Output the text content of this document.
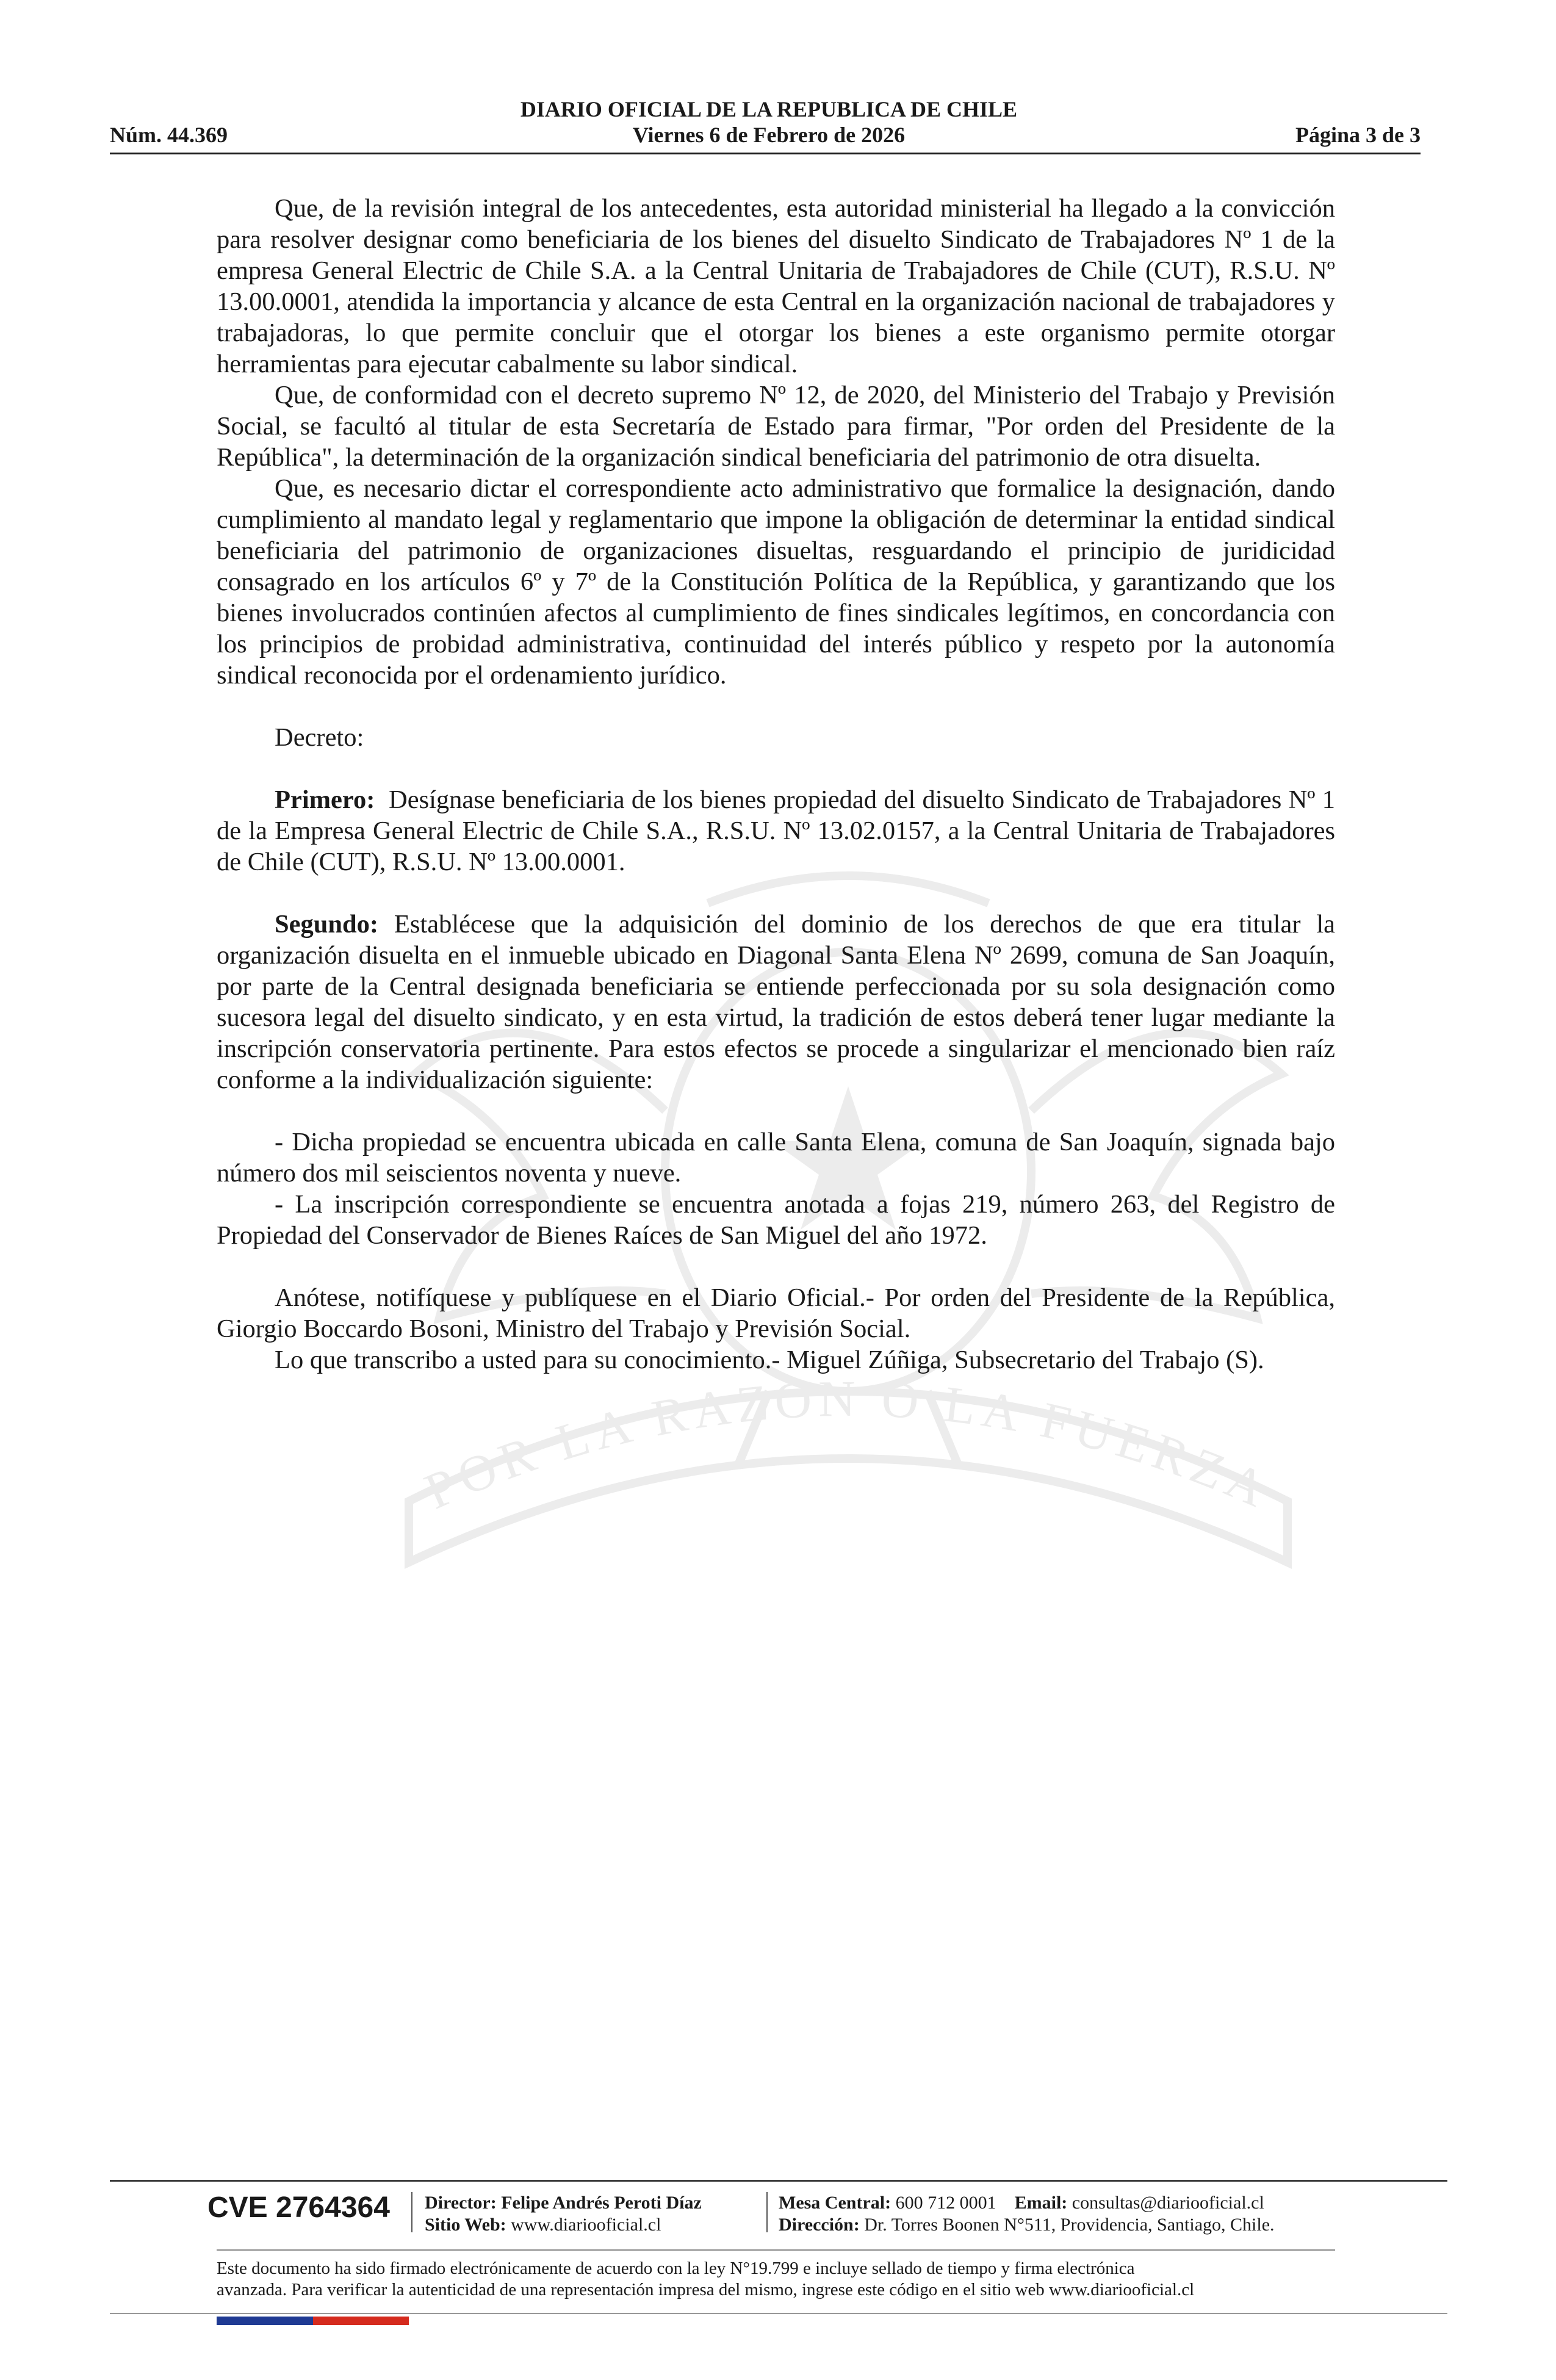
DIARIO OFICIAL DE LA REPUBLICA DE CHILE
Núm. 44.369	Viernes 6 de Febrero de 2026	Página 3 de 3
POR LA RAZON O LA FUERZA

Que, de la revisión integral de los antecedentes, esta autoridad ministerial ha llegado a la convicción para resolver designar como beneficiaria de los bienes del disuelto Sindicato de Trabajadores Nº 1 de la empresa General Electric de Chile S.A. a la Central Unitaria de Trabajadores de Chile (CUT), R.S.U. Nº 13.00.0001, atendida la importancia y alcance de esta Central en la organización nacional de trabajadores y trabajadoras, lo que permite concluir que el otorgar los bienes a este organismo permite otorgar herramientas para ejecutar cabalmente su labor sindical.

Que, de conformidad con el decreto supremo Nº 12, de 2020, del Ministerio del Trabajo y Previsión Social, se facultó al titular de esta Secretaría de Estado para firmar, "Por orden del Presidente de la República", la determinación de la organización sindical beneficiaria del patrimonio de otra disuelta.

Que, es necesario dictar el correspondiente acto administrativo que formalice la designación, dando cumplimiento al mandato legal y reglamentario que impone la obligación de determinar la entidad sindical beneficiaria del patrimonio de organizaciones disueltas, resguardando el principio de juridicidad consagrado en los artículos 6º y 7º de la Constitución Política de la República, y garantizando que los bienes involucrados continúen afectos al cumplimiento de fines sindicales legítimos, en concordancia con los principios de probidad administrativa, continuidad del interés público y respeto por la autonomía sindical reconocida por el ordenamiento jurídico.

Decreto:

Primero: Desígnase beneficiaria de los bienes propiedad del disuelto Sindicato de Trabajadores Nº 1 de la Empresa General Electric de Chile S.A., R.S.U. Nº 13.02.0157, a la Central Unitaria de Trabajadores de Chile (CUT), R.S.U. Nº 13.00.0001.

Segundo: Establécese que la adquisición del dominio de los derechos de que era titular la organización disuelta en el inmueble ubicado en Diagonal Santa Elena Nº 2699, comuna de San Joaquín, por parte de la Central designada beneficiaria se entiende perfeccionada por su sola designación como sucesora legal del disuelto sindicato, y en esta virtud, la tradición de estos deberá tener lugar mediante la inscripción conservatoria pertinente. Para estos efectos se procede a singularizar el mencionado bien raíz conforme a la individualización siguiente:

- Dicha propiedad se encuentra ubicada en calle Santa Elena, comuna de San Joaquín, signada bajo número dos mil seiscientos noventa y nueve.

- La inscripción correspondiente se encuentra anotada a fojas 219, número 263, del Registro de Propiedad del Conservador de Bienes Raíces de San Miguel del año 1972.

Anótese, notifíquese y publíquese en el Diario Oficial.- Por orden del Presidente de la República, Giorgio Boccardo Bosoni, Ministro del Trabajo y Previsión Social.

Lo que transcribo a usted para su conocimiento.- Miguel Zúñiga, Subsecretario del Trabajo (S).

CVE 2764364 Director: Felipe Andrés Peroti Díaz
Sitio Web: www.diariooficial.cl
Mesa Central: 600 712 0001 Email: consultas@diariooficial.cl
Dirección: Dr. Torres Boonen N°511, Providencia, Santiago, Chile.
Este documento ha sido firmado electrónicamente de acuerdo con la ley N°19.799 e incluye sellado de tiempo y firma electrónica
avanzada. Para verificar la autenticidad de una representación impresa del mismo, ingrese este código en el sitio web www.diariooficial.cl
